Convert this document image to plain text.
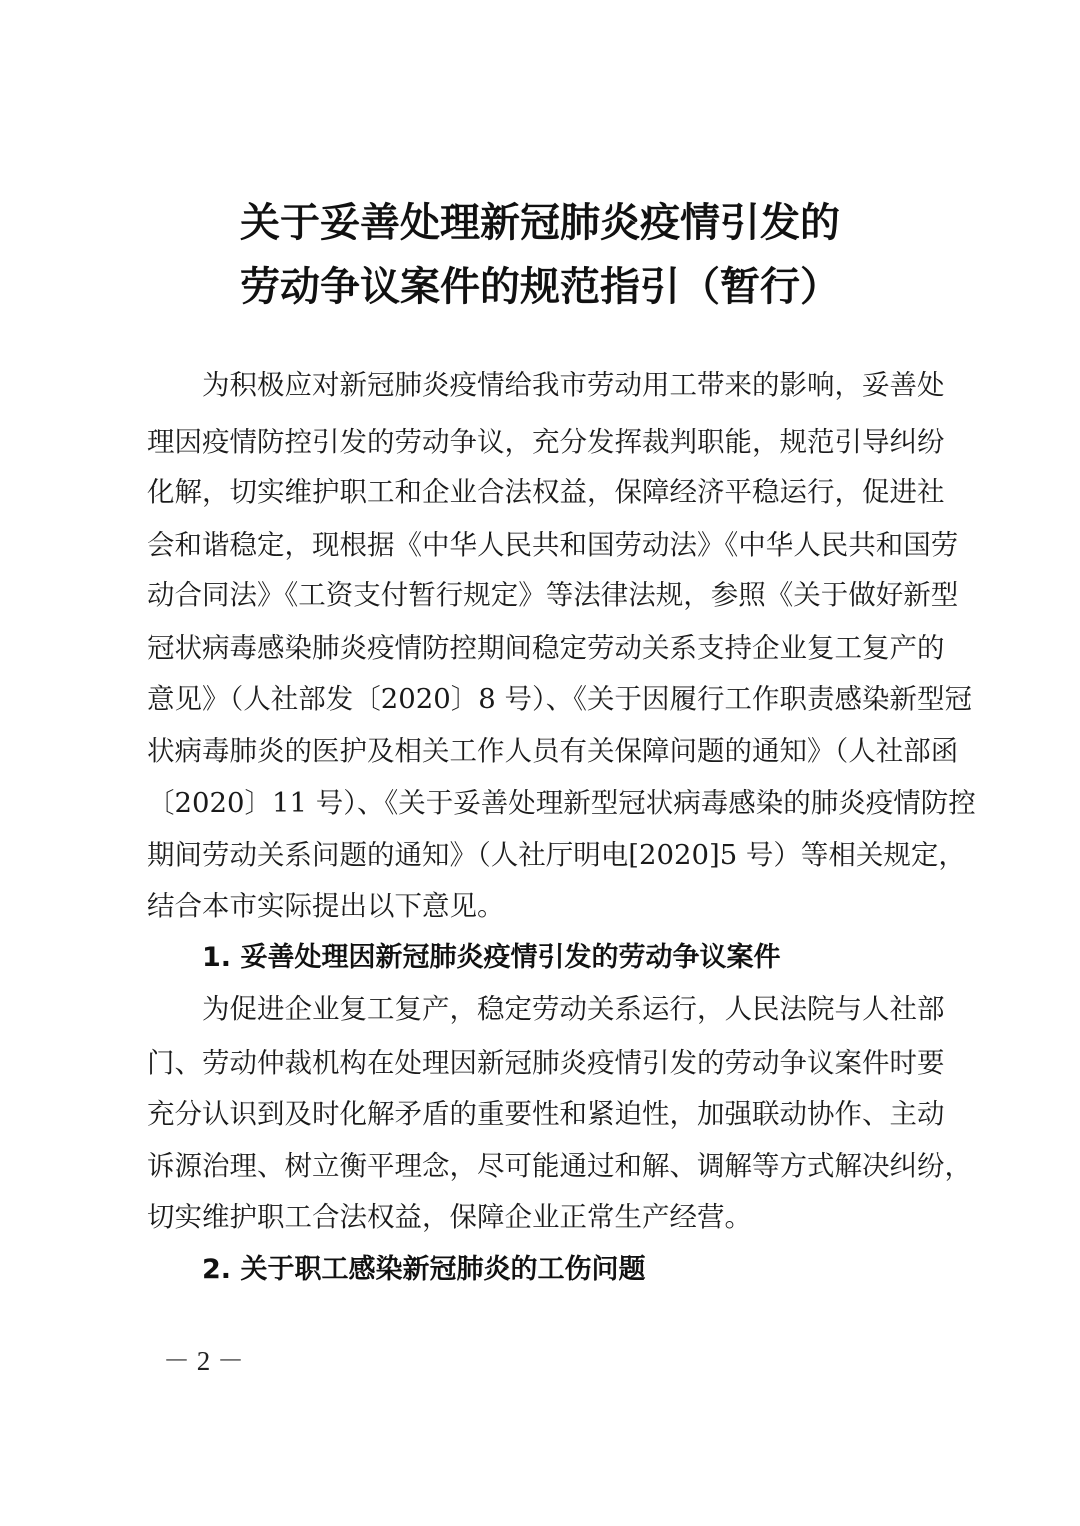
关于妥善处理新冠肺炎疫情引发的
劳动争议案件的规范指引（暂行）

为积极应对新冠肺炎疫情给我市劳动用工带来的影响，妥善处

理因疫情防控引发的劳动争议，充分发挥裁判职能，规范引导纠纷

化解，切实维护职工和企业合法权益，保障经济平稳运行，促进社

会和谐稳定，现根据《中华人民共和国劳动法》《中华人民共和国劳

动合同法》《工资支付暂行规定》等法律法规，参照《关于做好新型

冠状病毒感染肺炎疫情防控期间稳定劳动关系支持企业复工复产的

意见》（人社部发〔2020〕8 号）、《关于因履行工作职责感染新型冠

状病毒肺炎的医护及相关工作人员有关保障问题的通知》（人社部函

〔2020〕11 号）、《关于妥善处理新型冠状病毒感染的肺炎疫情防控

期间劳动关系问题的通知》（人社厅明电[2020]5 号）等相关规定，

结合本市实际提出以下意见。

1. 妥善处理因新冠肺炎疫情引发的劳动争议案件

为促进企业复工复产，稳定劳动关系运行，人民法院与人社部

门、劳动仲裁机构在处理因新冠肺炎疫情引发的劳动争议案件时要

充分认识到及时化解矛盾的重要性和紧迫性，加强联动协作、主动

诉源治理、树立衡平理念，尽可能通过和解、调解等方式解决纠纷，

切实维护职工合法权益，保障企业正常生产经营。

2. 关于职工感染新冠肺炎的工伤问题

－ 2 －
